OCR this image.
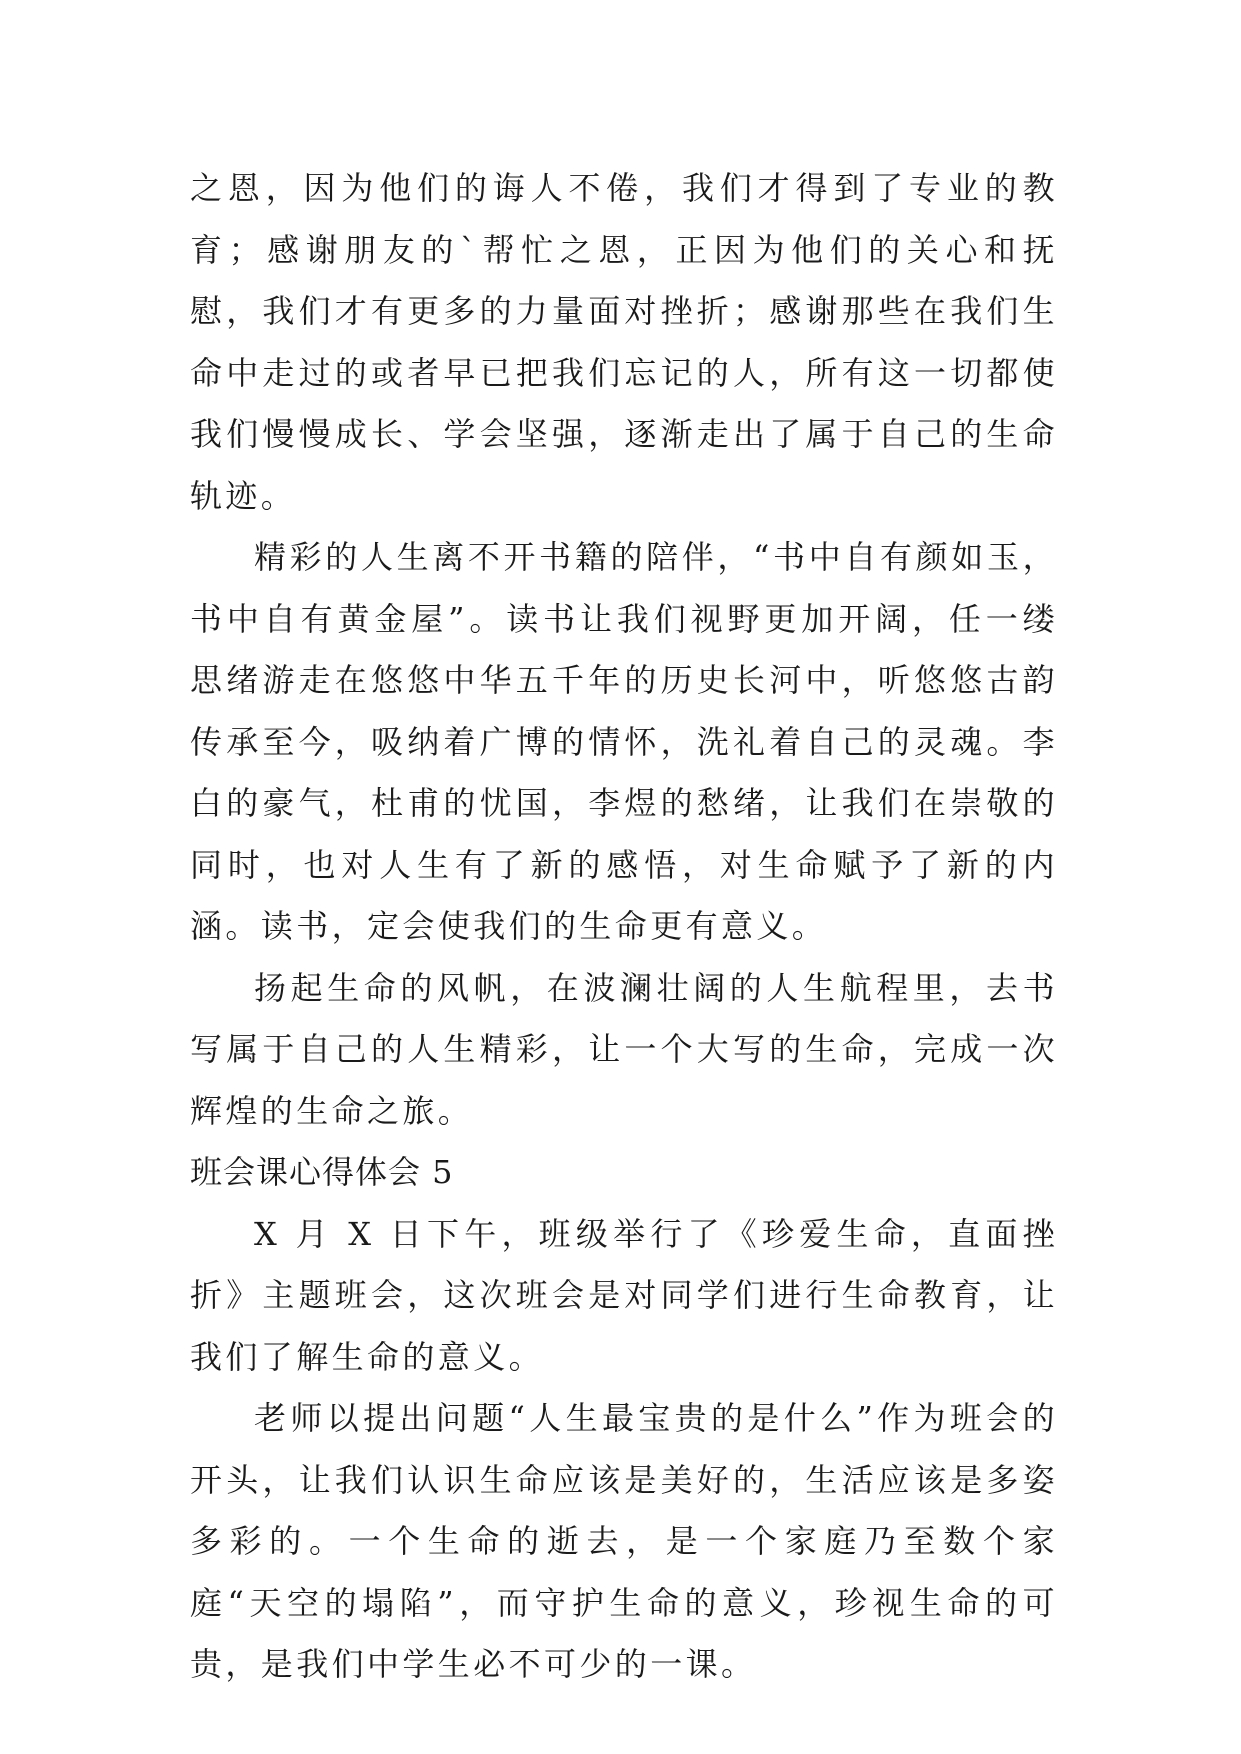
之恩，因为他们的诲人不倦，我们才得到了专业的教育；感谢朋友的`帮忙之恩，正因为他们的关心和抚慰，我们才有更多的力量面对挫折；感谢那些在我们生命中走过的或者早已把我们忘记的人，所有这一切都使我们慢慢成长、学会坚强，逐渐走出了属于自己的生命轨迹。

精彩的人生离不开书籍的陪伴，“书中自有颜如玉，书中自有黄金屋”。读书让我们视野更加开阔，任一缕思绪游走在悠悠中华五千年的历史长河中，听悠悠古韵传承至今，吸纳着广博的情怀，洗礼着自己的灵魂。李白的豪气，杜甫的忧国，李煜的愁绪，让我们在崇敬的同时，也对人生有了新的感悟，对生命赋予了新的内涵。读书，定会使我们的生命更有意义。

扬起生命的风帆，在波澜壮阔的人生航程里，去书写属于自己的人生精彩，让一个大写的生命，完成一次辉煌的生命之旅。

班会课心得体会 5

X 月 X 日下午，班级举行了《珍爱生命，直面挫折》主题班会，这次班会是对同学们进行生命教育，让我们了解生命的意义。

老师以提出问题“人生最宝贵的是什么”作为班会的开头，让我们认识生命应该是美好的，生活应该是多姿多彩的。一个生命的逝去，是一个家庭乃至数个家庭“天空的塌陷”，而守护生命的意义，珍视生命的可贵，是我们中学生必不可少的一课。
